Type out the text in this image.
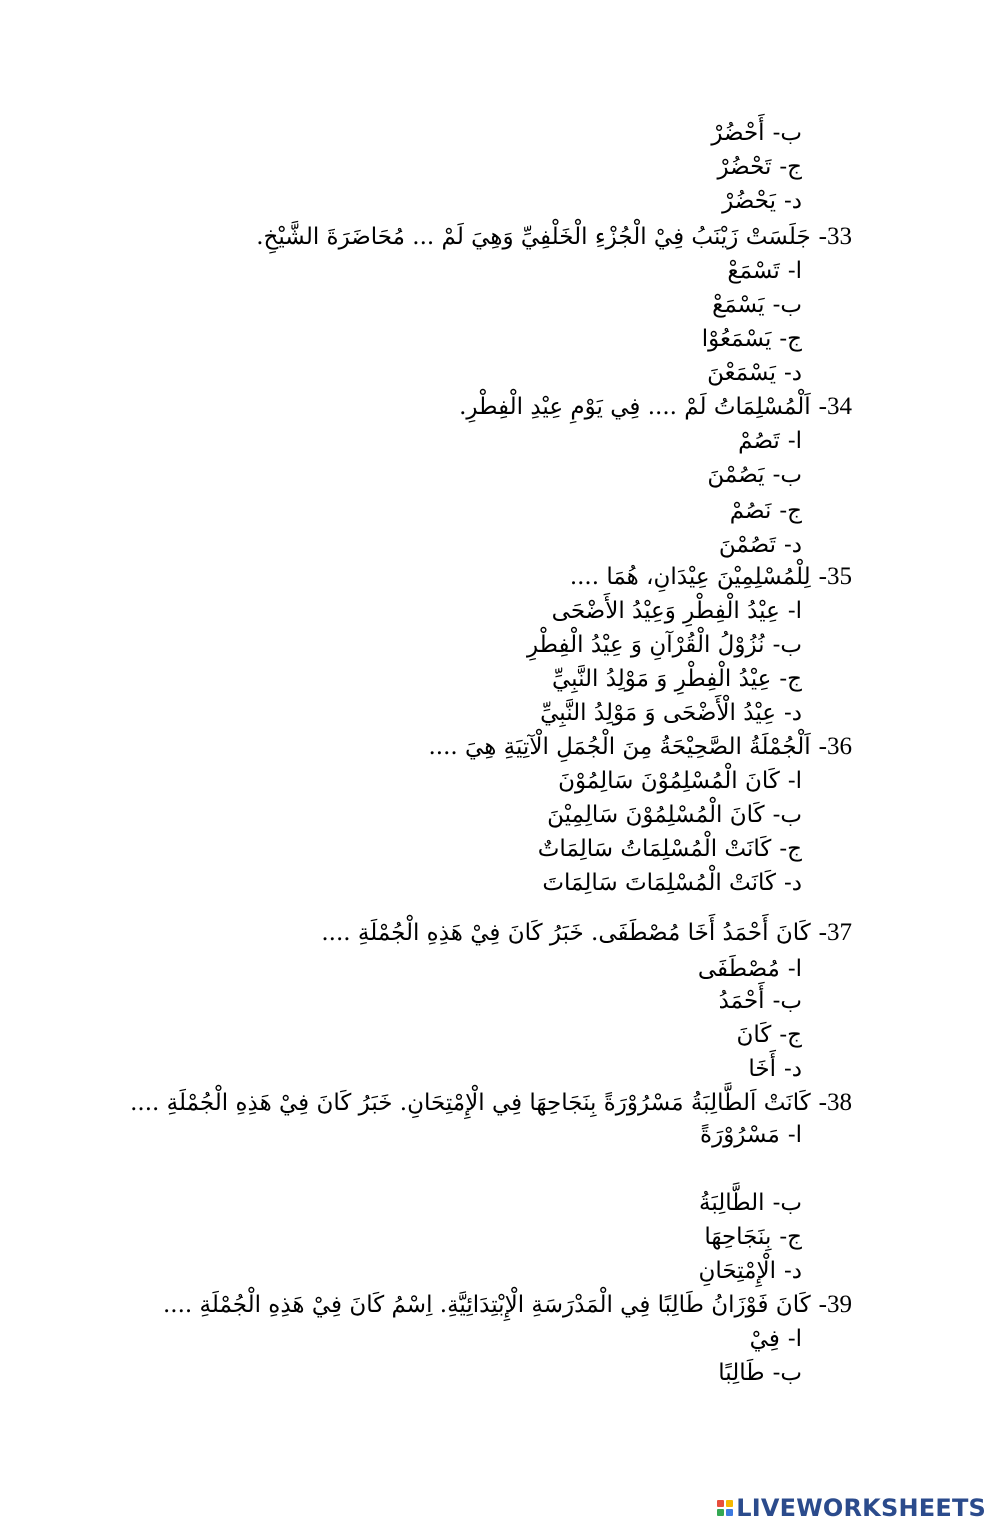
ب-أَحْضُرْ
ج-تَحْضُرْ
د-يَحْضُرْ
33-جَلَسَتْ زَيْنَبُ فِيْ الْجُزْءِ الْخَلْفِيِّ وَهِيَ لَمْ ... مُحَاضَرَةَ الشَّيْخِ.
ا-تَسْمَعْ
ب-يَسْمَعْ
ج-يَسْمَعُوْا
د-يَسْمَعْنَ
34-اَلْمُسْلِمَاتُ لَمْ .... فِي يَوْمِ عِيْدِ الْفِطْرِ.
ا-تَصُمْ
ب-يَصُمْنَ
ج-نَصُمْ
د-تَصُمْنَ
35-لِلْمُسْلِمِيْنَ عِيْدَانِ، هُمَا ....
ا-عِيْدُ الْفِطْرِ وَعِيْدُ الأَضْحَى
ب-نُزُوْلُ الْقُرْآنِ وَ عِيْدُ الْفِطْرِ
ج-عِيْدُ الْفِطْرِ وَ مَوْلِدُ النَّبِيِّ
د-عِيْدُ الْأَضْحَى وَ مَوْلِدُ النَّبِيِّ
36-اَلْجُمْلَةُ الصَّحِيْحَةُ مِنَ الْجُمَلِ الْآتِيَةِ هِيَ ....
ا-كَانَ الْمُسْلِمُوْنَ سَالِمُوْنَ
ب-كَانَ الْمُسْلِمُوْنَ سَالِمِيْنَ
ج-كَانَتْ الْمُسْلِمَاتُ سَالِمَاتٌ
د-كَانَتْ الْمُسْلِمَاتَ سَالِمَاتَ
37-كَانَ أَحْمَدُ أَخَا مُصْطَفَى. خَبَرُ كَانَ فِيْ هَذِهِ الْجُمْلَةِ ....
ا-مُصْطَفَى
ب-أَحْمَدُ
ج-كَانَ
د-أَخَا
38-كَانَتْ اَلطَّالِبَةُ مَسْرُوْرَةً بِنَجَاحِهَا فِي الْإِمْتِحَانِ. خَبَرُ كَانَ فِيْ هَذِهِ الْجُمْلَةِ ....
ا-مَسْرُوْرَةً
ب-الطَّالِبَةُ
ج-بِنَجَاحِهَا
د-الْإِمْتِحَانِ
39-كَانَ فَوْزَانُ طَالِبًا فِي الْمَدْرَسَةِ الْإِبْتِدَائِيَّةِ. اِسْمُ كَانَ فِيْ هَذِهِ الْجُمْلَةِ ....
ا-فِيْ
ب-طَالِبًا
LIVEWORKSHEETS
